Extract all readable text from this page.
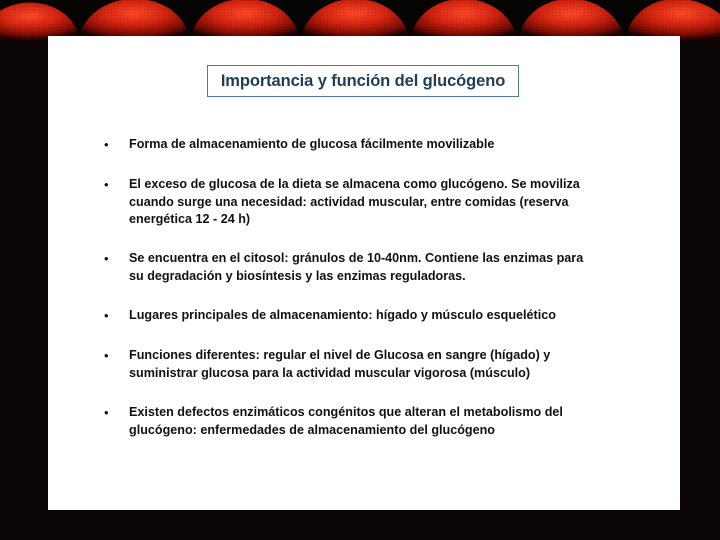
Importancia y función del glucógeno
• Forma de almacenamiento de glucosa fácilmente movilizable
• El exceso de glucosa de la dieta se almacena como glucógeno. Se moviliza
cuando surge una necesidad: actividad muscular, entre comidas (reserva
energética 12 - 24 h)
• Se encuentra en el citosol: gránulos de 10-40nm. Contiene las enzimas para
su degradación y biosíntesis y las enzimas reguladoras.
• Lugares principales de almacenamiento: hígado y músculo esquelético
• Funciones diferentes: regular el nivel de Glucosa en sangre (hígado) y
suministrar glucosa para la actividad muscular vigorosa (músculo)
• Existen defectos enzimáticos congénitos que alteran el metabolismo del
glucógeno: enfermedades de almacenamiento del glucógeno
